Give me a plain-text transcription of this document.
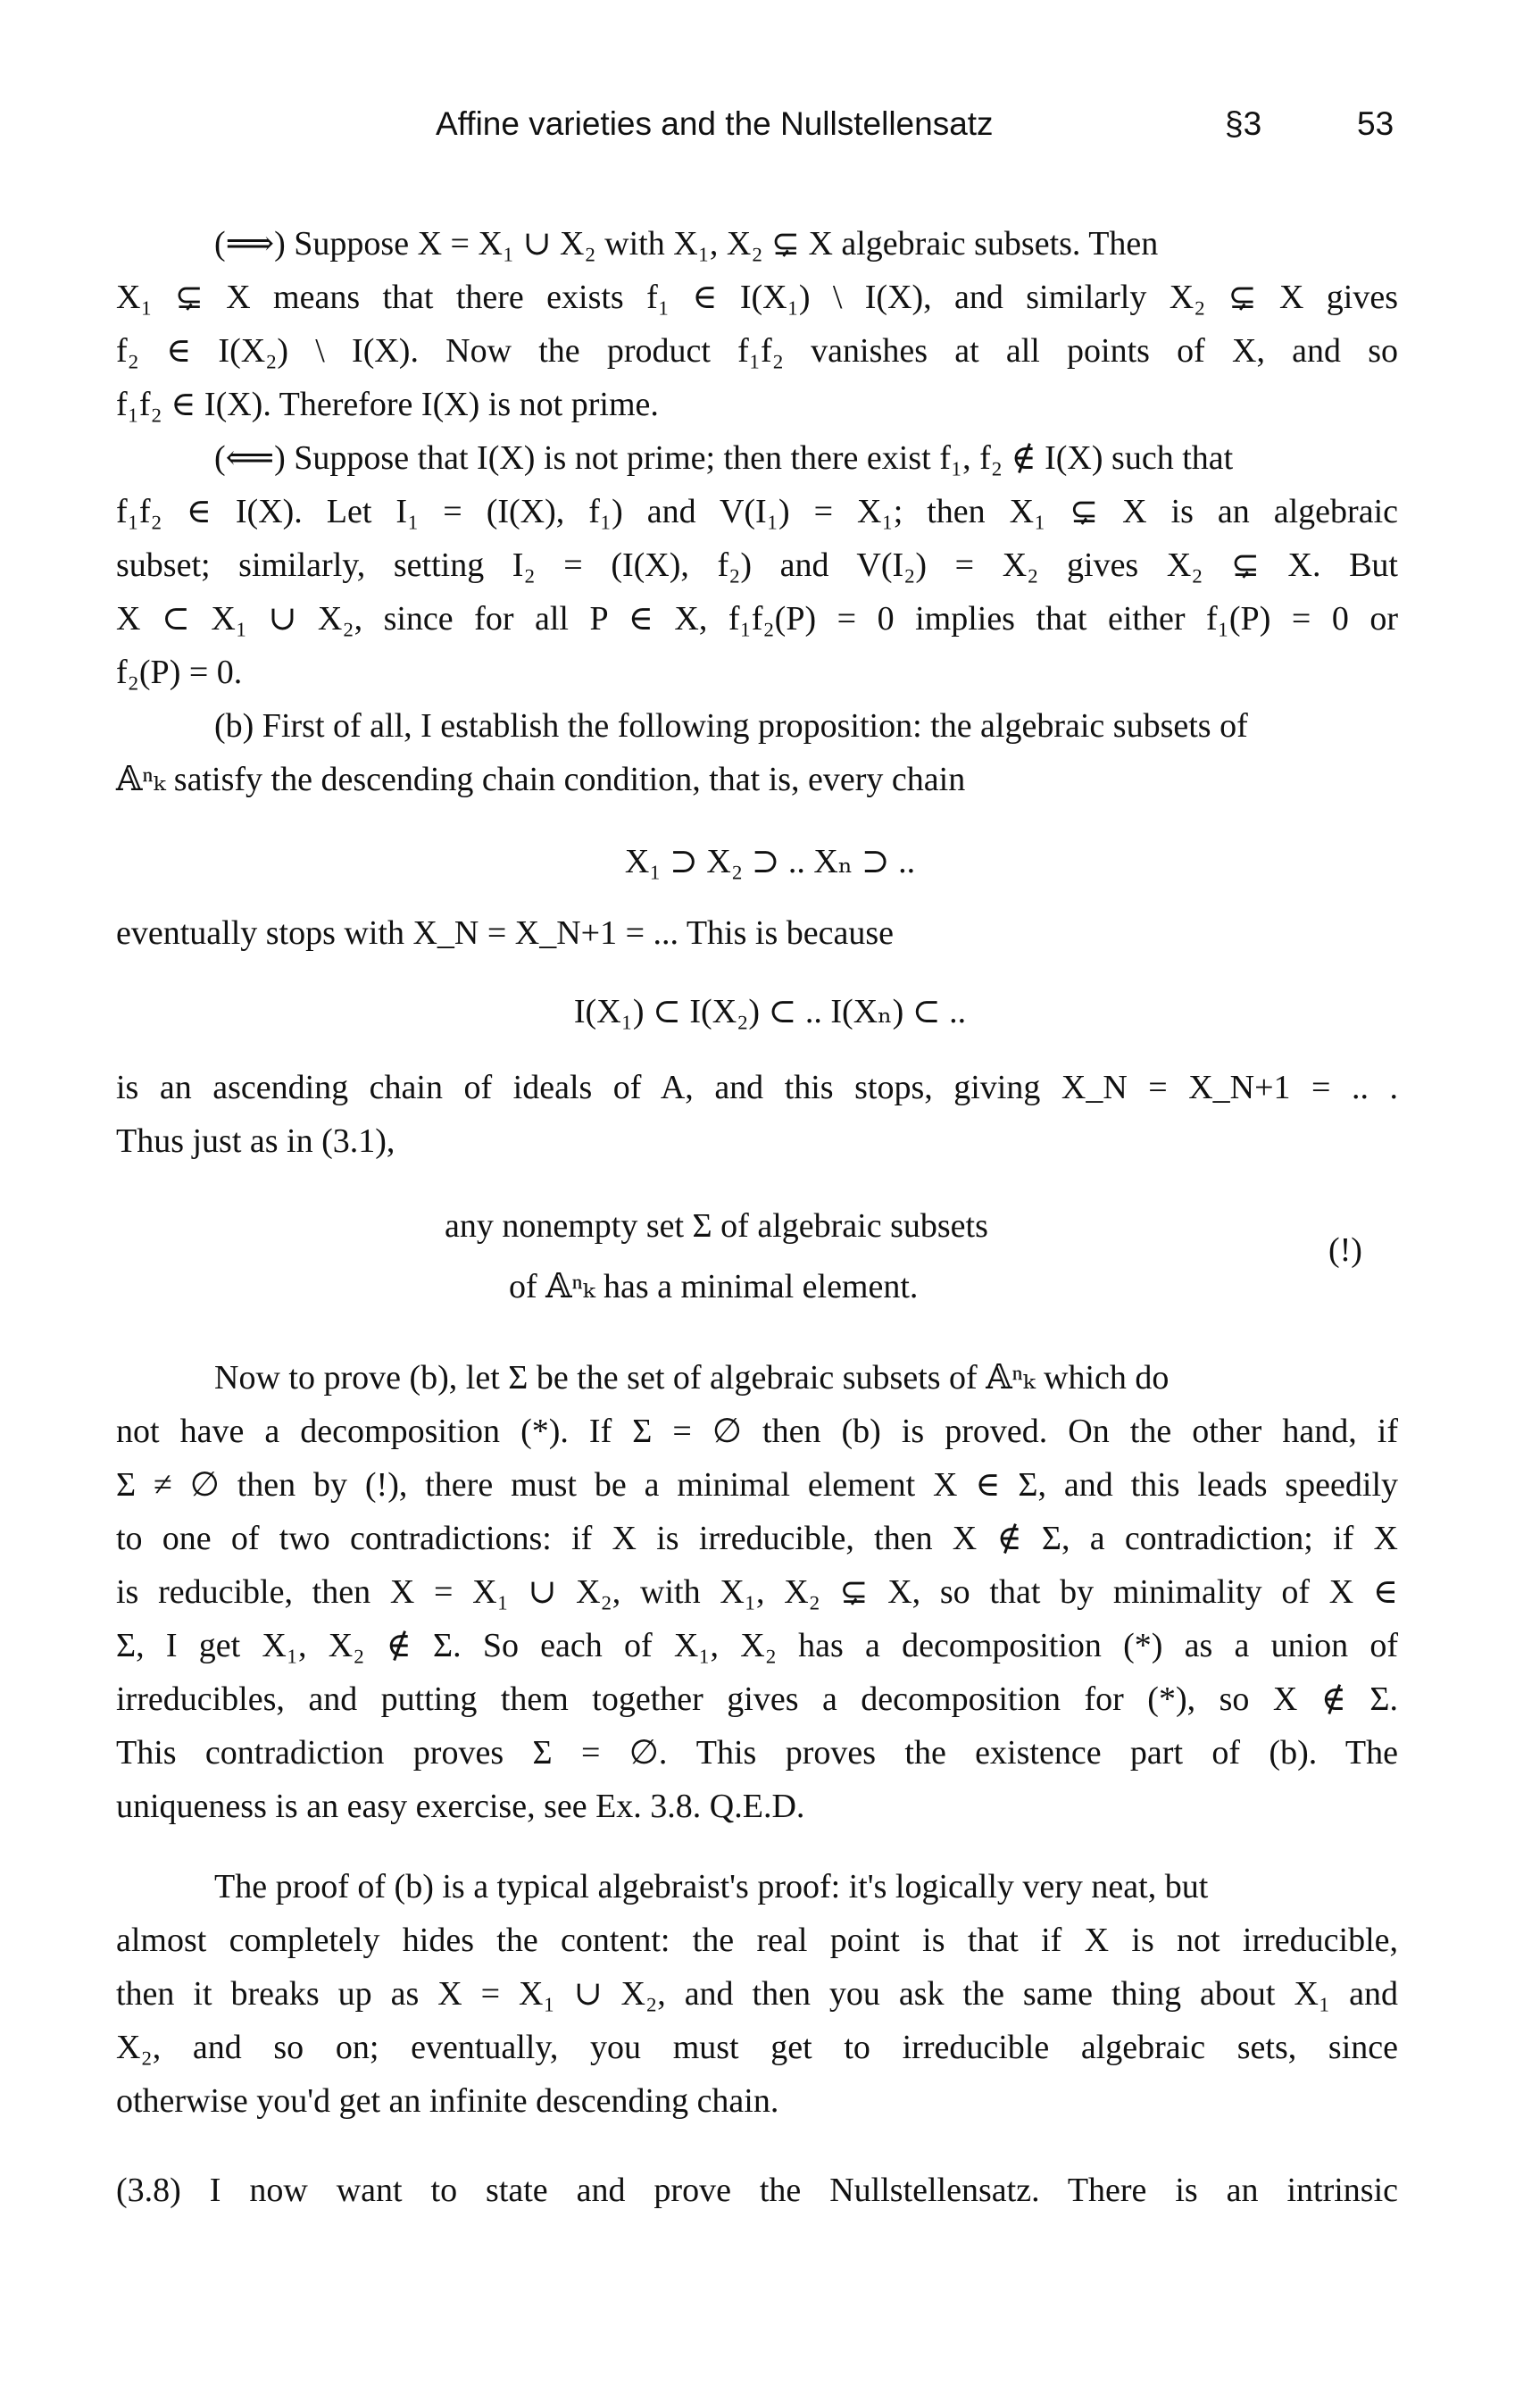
Affine varieties and the Nullstellensatz	§3	53
(⟹) Suppose X = X₁ ∪ X₂ with X₁, X₂ ⊊ X algebraic subsets. Then
X₁ ⊊ X means that there exists f₁ ∈ I(X₁) \ I(X), and similarly X₂ ⊊ X gives
f₂ ∈ I(X₂) \ I(X). Now the product f₁f₂ vanishes at all points of X, and so
f₁f₂ ∈ I(X). Therefore I(X) is not prime.
(⟸) Suppose that I(X) is not prime; then there exist f₁, f₂ ∉ I(X) such that
f₁f₂ ∈ I(X). Let I₁ = (I(X), f₁) and V(I₁) = X₁; then X₁ ⊊ X is an algebraic
subset; similarly, setting I₂ = (I(X), f₂) and V(I₂) = X₂ gives X₂ ⊊ X. But
X ⊂ X₁ ∪ X₂, since for all P ∈ X, f₁f₂(P) = 0 implies that either f₁(P) = 0 or
f₂(P) = 0.
(b) First of all, I establish the following proposition: the algebraic subsets of
𝔸ⁿₖ satisfy the descending chain condition, that is, every chain
X₁ ⊃ X₂ ⊃ .. Xₙ ⊃ ..
eventually stops with X_N = X_N+1 = ... This is because
I(X₁) ⊂ I(X₂) ⊂ .. I(Xₙ) ⊂ ..
is an ascending chain of ideals of A, and this stops, giving X_N = X_N+1 = .. .
Thus just as in (3.1),
any nonempty set Σ of algebraic subsets
of 𝔸ⁿₖ has a minimal element.
(!)
Now to prove (b), let Σ be the set of algebraic subsets of 𝔸ⁿₖ which do
not have a decomposition (*). If Σ = ∅ then (b) is proved. On the other hand, if
Σ ≠ ∅ then by (!), there must be a minimal element X ∈ Σ, and this leads speedily
to one of two contradictions: if X is irreducible, then X ∉ Σ, a contradiction; if X
is reducible, then X = X₁ ∪ X₂, with X₁, X₂ ⊊ X, so that by minimality of X ∈
Σ, I get X₁, X₂ ∉ Σ. So each of X₁, X₂ has a decomposition (*) as a union of
irreducibles, and putting them together gives a decomposition for (*), so X ∉ Σ.
This contradiction proves Σ = ∅. This proves the existence part of (b). The
uniqueness is an easy exercise, see Ex. 3.8. Q.E.D.
The proof of (b) is a typical algebraist's proof: it's logically very neat, but
almost completely hides the content: the real point is that if X is not irreducible,
then it breaks up as X = X₁ ∪ X₂, and then you ask the same thing about X₁ and
X₂, and so on; eventually, you must get to irreducible algebraic sets, since
otherwise you'd get an infinite descending chain.
(3.8) I now want to state and prove the Nullstellensatz. There is an intrinsic
